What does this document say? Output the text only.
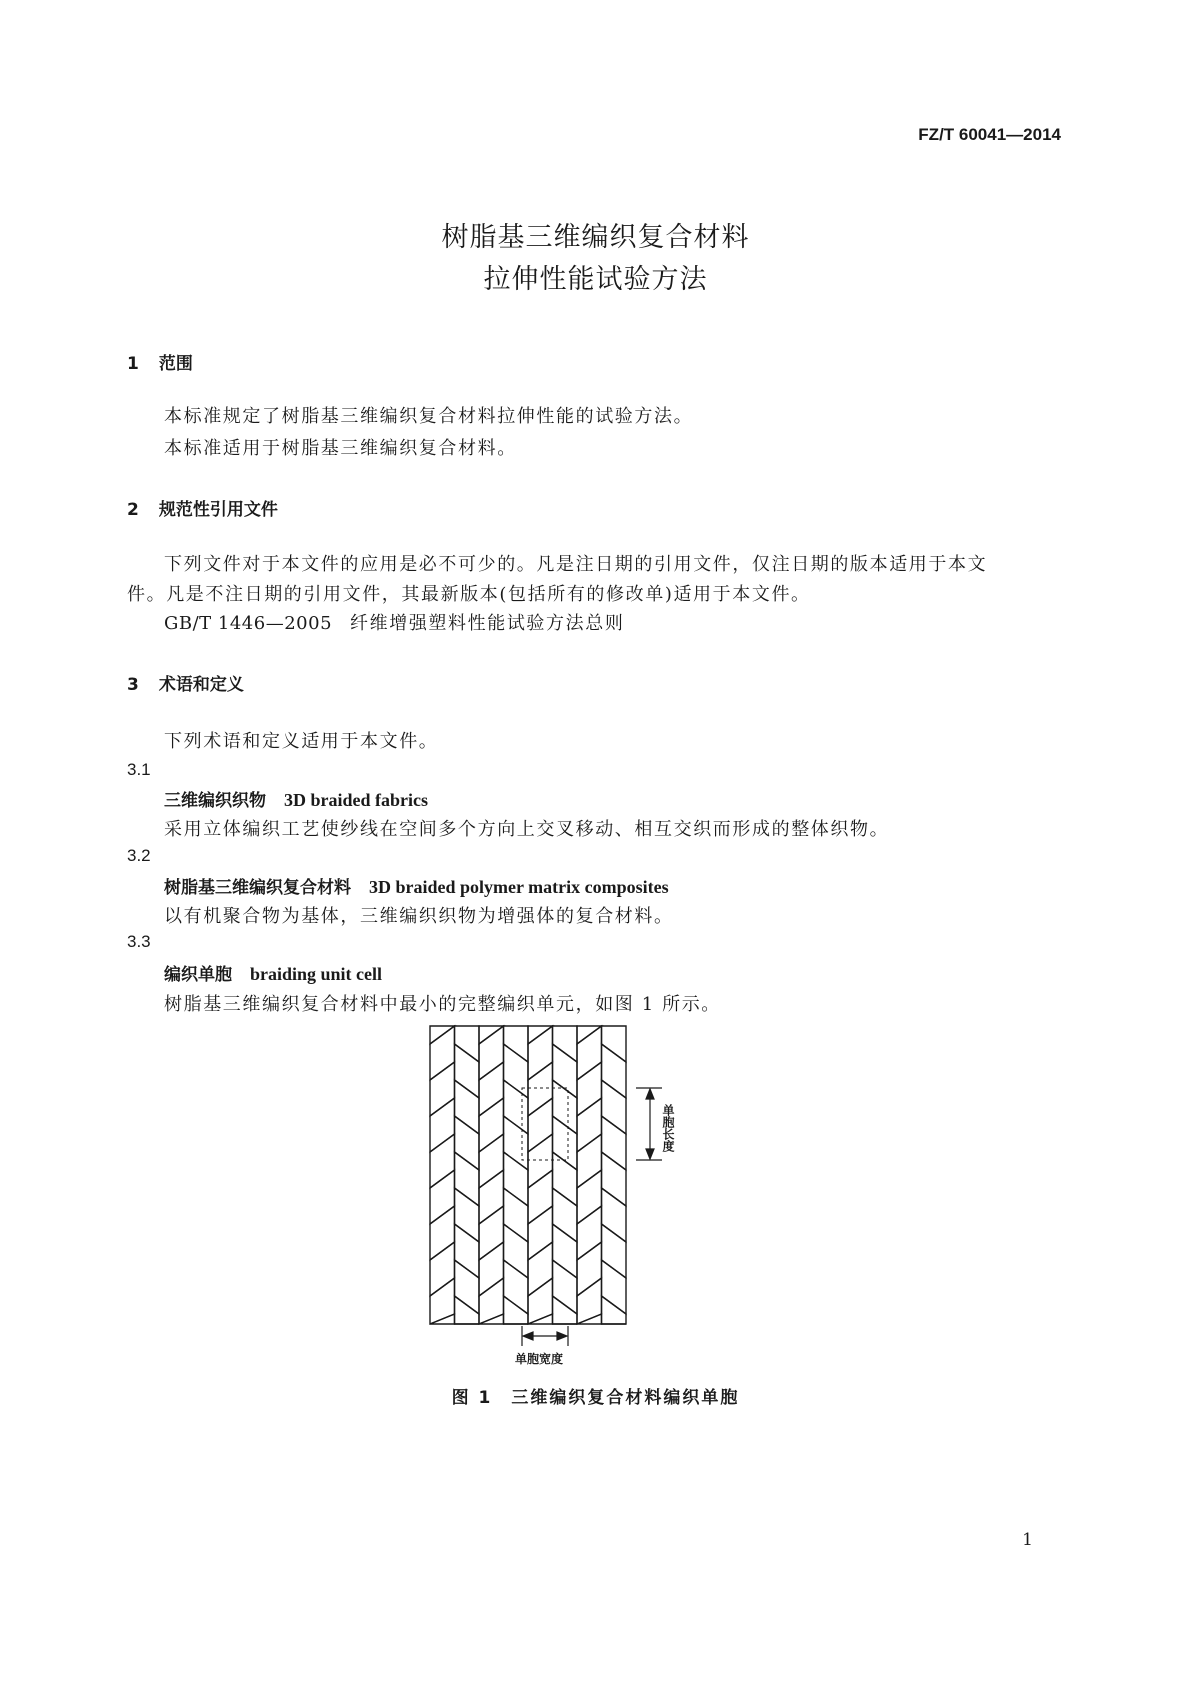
FZ/T 60041—2014
树脂基三维编织复合材料
拉伸性能试验方法
1 范围
本标准规定了树脂基三维编织复合材料拉伸性能的试验方法。
本标准适用于树脂基三维编织复合材料。
2 规范性引用文件
下列文件对于本文件的应用是必不可少的。凡是注日期的引用文件，仅注日期的版本适用于本文
件。凡是不注日期的引用文件，其最新版本(包括所有的修改单)适用于本文件。
GB/T 1446—2005 纤维增强塑料性能试验方法总则
3 术语和定义
下列术语和定义适用于本文件。
3.1
三维编织织物 3D braided fabrics
采用立体编织工艺使纱线在空间多个方向上交叉移动、相互交织而形成的整体织物。
3.2
树脂基三维编织复合材料 3D braided polymer matrix composites
以有机聚合物为基体，三维编织织物为增强体的复合材料。
3.3
编织单胞 braiding unit cell
树脂基三维编织复合材料中最小的完整编织单元，如图 1 所示。
单胞长度
单胞宽度
图 1　三维编织复合材料编织单胞
1
